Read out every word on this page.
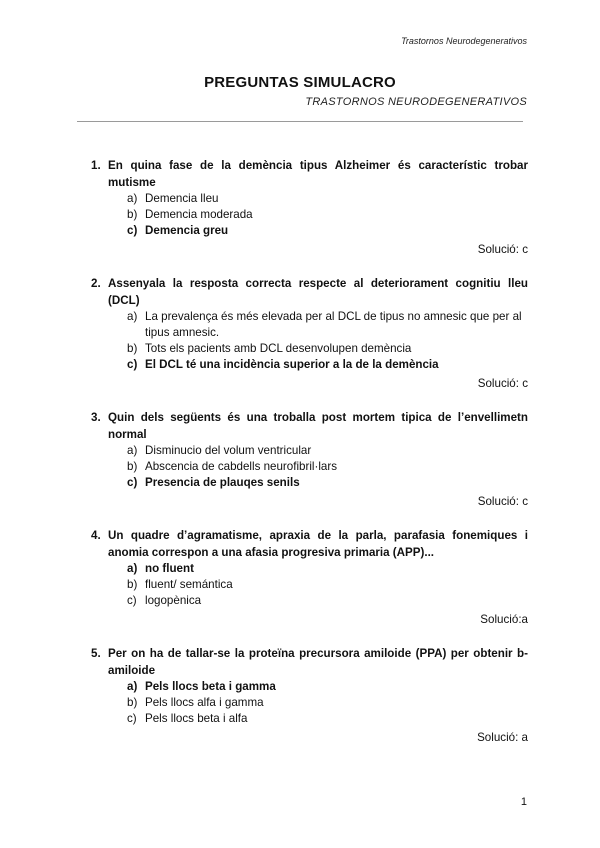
Trastornos Neurodegenerativos
PREGUNTAS SIMULACRO
TRASTORNOS NEURODEGENERATIVOS
1. En quina fase de la demència tipus Alzheimer és característic trobar mutisme
a) Demencia lleu
b) Demencia moderada
c) Demencia greu
Solució: c
2. Assenyala la resposta correcta respecte al deteriorament cognitiu lleu (DCL)
a) La prevalença és més elevada per al DCL de tipus no amnesic que per al tipus amnesic.
b) Tots els pacients amb DCL desenvolupen demència
c) El DCL té una incidència superior a la de la demència
Solució: c
3. Quin dels següents és una troballa post mortem tipica de l’envellimetn normal
a) Disminucio del volum ventricular
b) Abscencia de cabdells neurofibril·lars
c) Presencia de plauqes senils
Solució: c
4. Un quadre d’agramatisme, apraxia de la parla, parafasia fonemiques i anomia correspon a una afasia progresiva primaria (APP)...
a) no fluent
b) fluent/ semántica
c) logopènica
Solució:a
5. Per on ha de tallar-se la proteïna precursora amiloide (PPA) per obtenir b-amiloide
a) Pels llocs beta i gamma
b) Pels llocs alfa i gamma
c) Pels llocs beta i alfa
Solució: a
1
